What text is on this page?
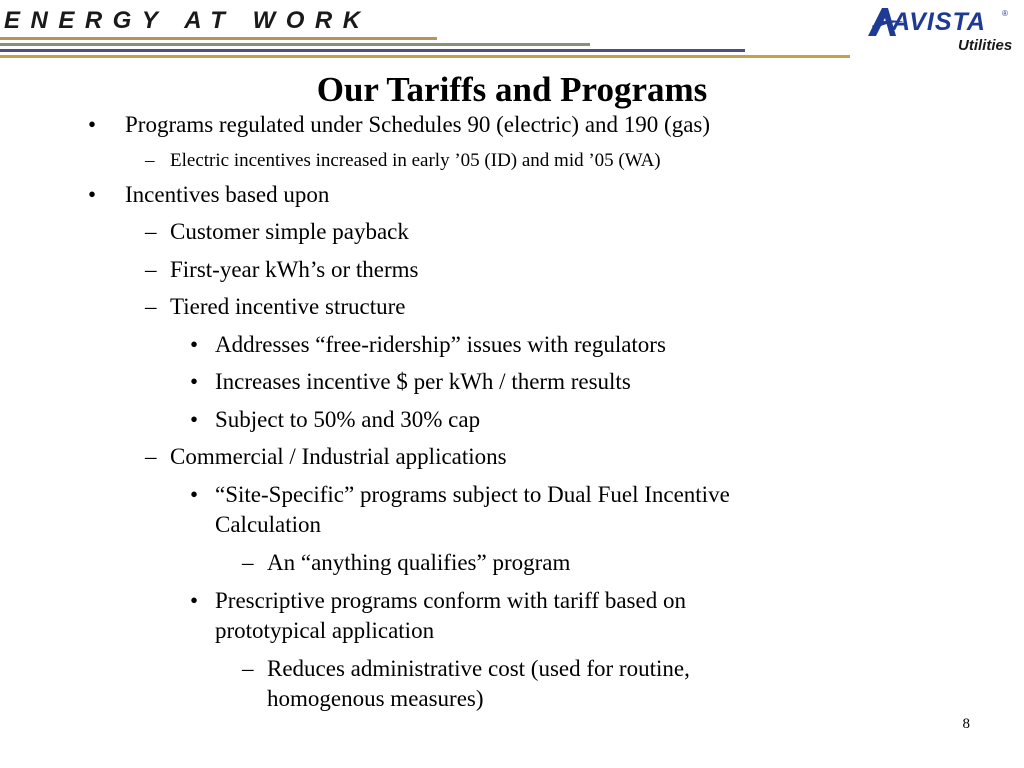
ENERGY AT WORK	AVISTA ®
Utilities
Our Tariffs and Programs
• Programs regulated under Schedules 90 (electric) and 190 (gas)
– Electric incentives increased in early ’05 (ID) and mid ’05 (WA)
• Incentives based upon
– Customer simple payback
– First-year kWh’s or therms
– Tiered incentive structure
• Addresses “free-ridership” issues with regulators
• Increases incentive $ per kWh / therm results
• Subject to 50% and 30% cap
– Commercial / Industrial applications
• “Site-Specific” programs subject to Dual Fuel Incentive
Calculation
– An “anything qualifies” program
• Prescriptive programs conform with tariff based on
prototypical application
– Reduces administrative cost (used for routine,
homogenous measures)
8
